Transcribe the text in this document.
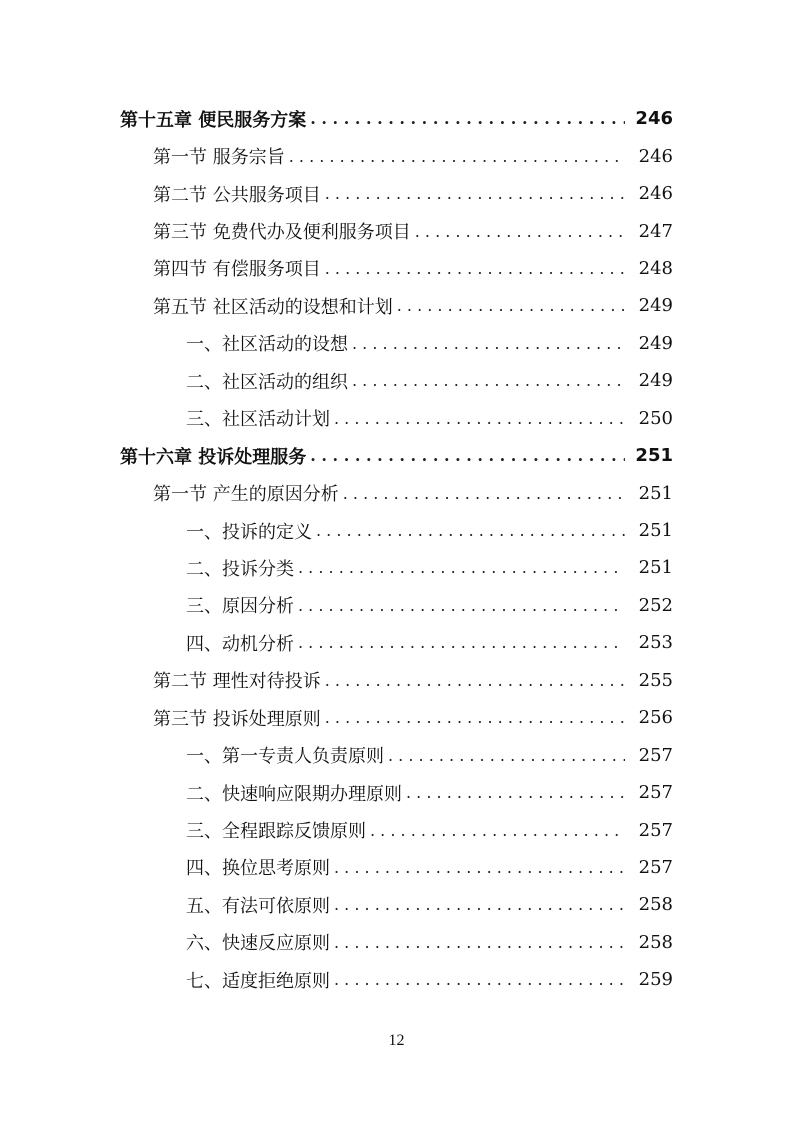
第十五章 便民服务方案 . . .	246
第一节 服务宗旨 . . .	246
第二节 公共服务项目 . . .	246
第三节 免费代办及便利服务项目 . . .	247
第四节 有偿服务项目 . . .	248
第五节 社区活动的设想和计划 . . .	249
一、社区活动的设想 . . .	249
二、社区活动的组织 . . .	249
三、社区活动计划 . . .	250
第十六章 投诉处理服务 . . .	251
第一节 产生的原因分析 . . .	251
一、投诉的定义 . . .	251
二、投诉分类 . . .	251
三、原因分析 . . .	252
四、动机分析 . . .	253
第二节 理性对待投诉 . . .	255
第三节 投诉处理原则 . . .	256
一、第一专责人负责原则 . . .	257
二、快速响应限期办理原则 . . .	257
三、全程跟踪反馈原则 . . .	257
四、换位思考原则 . . .	257
五、有法可依原则 . . .	258
六、快速反应原则 . . .	258
七、适度拒绝原则 . . .	259
12
